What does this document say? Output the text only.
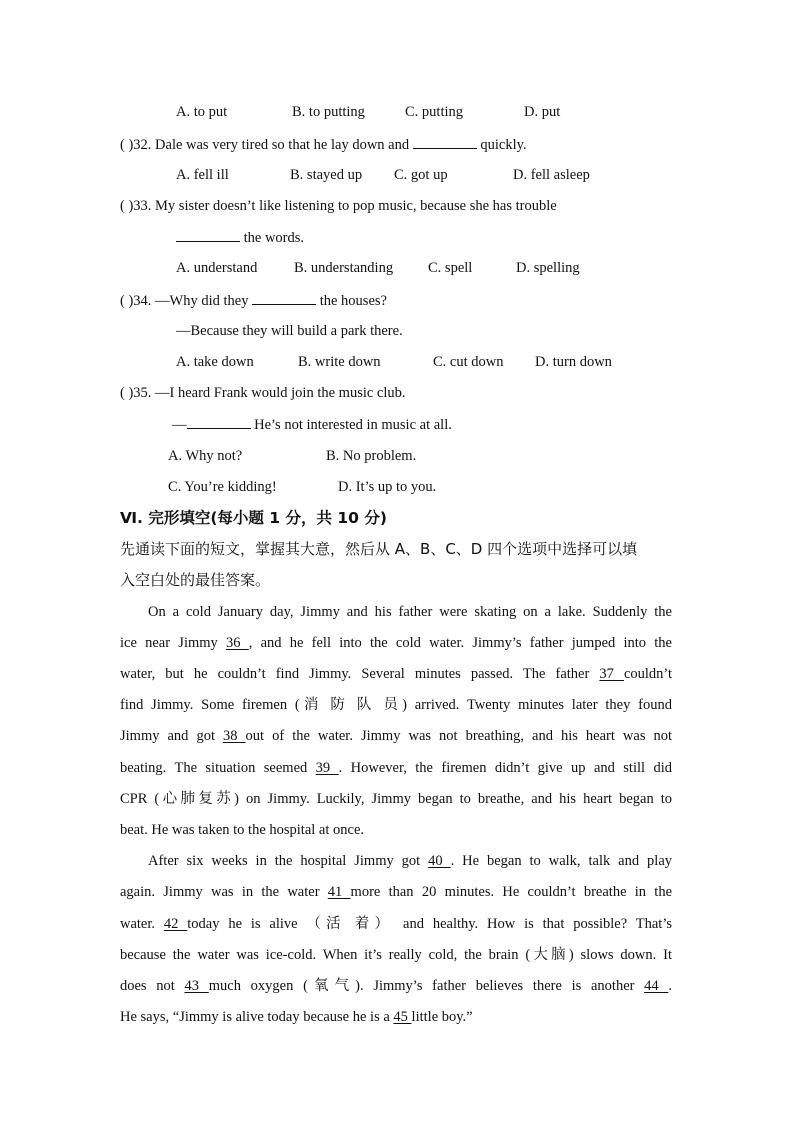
A. to put	B. to putting	C. putting	D. put
( )32. Dale was very tired so that he lay down and	quickly.
A. fell ill	B. stayed up C. got up	D. fell asleep
( )33. My sister doesn’t like listening to pop music, because she has trouble
the words.
A. understand	B. understanding C. spell	D. spelling
( )34. —Why did they	the houses?
—Because they will build a park there.
A. take down	B. write down	C. cut down D. turn down
( )35. —I heard Frank would join the music club.
—	He’s not interested in music at all.
A. Why not?	B. No problem.
C. You’re kidding!	D. It’s up to you.
Ⅵ. 完形填空(每小题 1 分，共 10 分)
先通读下面的短文，掌握其大意，然后从 A、B、C、D 四个选项中选择可以填
入空白处的最佳答案。
On a cold January day, Jimmy and his father were skating on a lake. Suddenly the
ice near Jimmy 36 , and he fell into the cold water. Jimmy’s father jumped into the
water, but he couldn’t find Jimmy. Several minutes passed. The father 37 couldn’t
find Jimmy. Some firemen (消 防 队 员) arrived. Twenty minutes later they found
Jimmy and got 38 out of the water. Jimmy was not breathing, and his heart was not
beating. The situation seemed 39 . However, the firemen didn’t give up and still did
CPR (心肺复苏) on Jimmy. Luckily, Jimmy began to breathe, and his heart began to
beat. He was taken to the hospital at once.
After six weeks in the hospital Jimmy got 40 . He began to walk, talk and play
again. Jimmy was in the water 41 more than 20 minutes. He couldn’t breathe in the
water. 42 today he is alive （活 着） and healthy. How is that possible? That’s
because the water was ice-cold. When it’s really cold, the brain (大脑) slows down. It
does not 43 much oxygen (氧气). Jimmy’s father believes there is another 44 .
He says, “Jimmy is alive today because he is a 45 little boy.”
